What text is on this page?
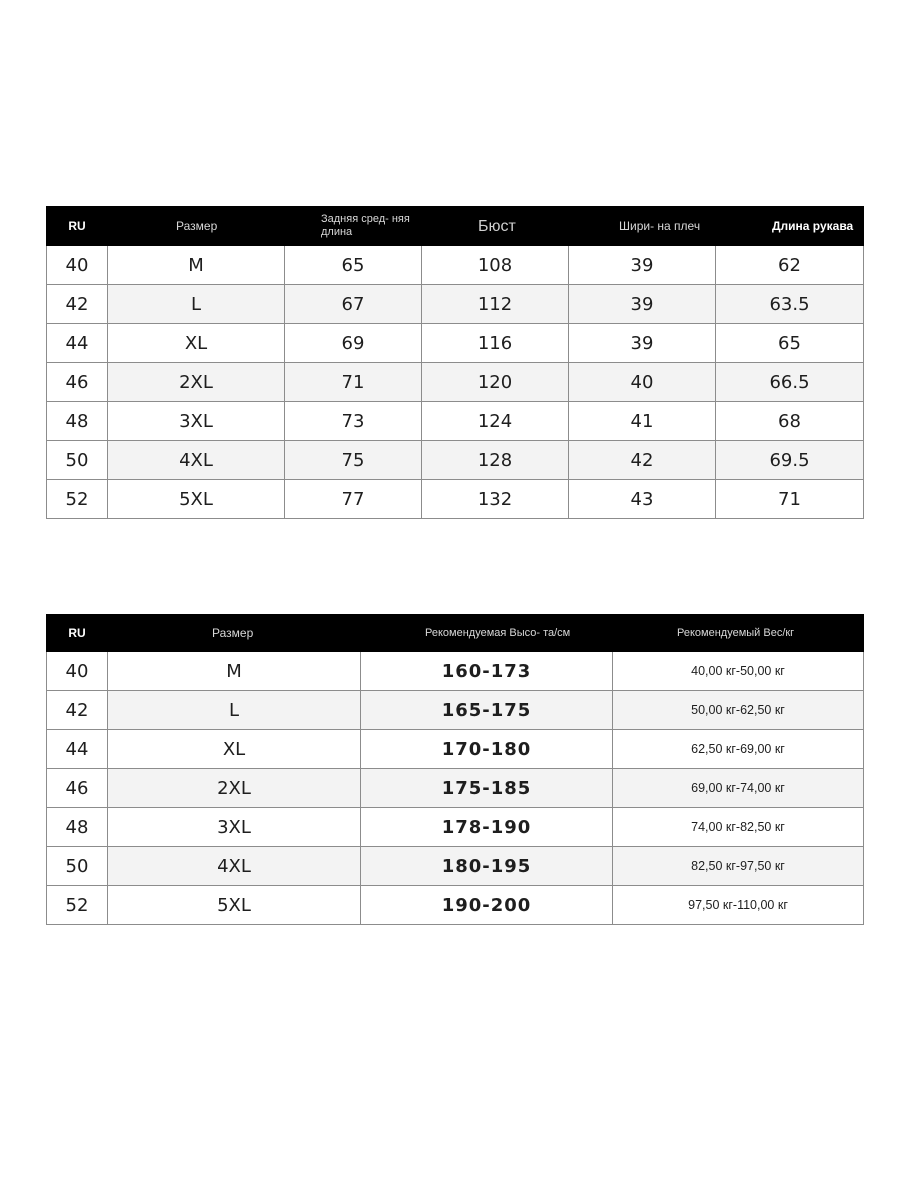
RU	Размер	Задняя сред- няя длина	Бюст	Шири- на плеч	Длина рукава
40	M	65	108	39	62
42	L	67	112	39	63.5
44	XL	69	116	39	65
46	2XL	71	120	40	66.5
48	3XL	73	124	41	68
50	4XL	75	128	42	69.5
52	5XL	77	132	43	71
RU	Размер	Рекомендуемая Высо- та/см	Рекомендуемый Вес/кг
40	M	160-173	40,00 кг-50,00 кг
42	L	165-175	50,00 кг-62,50 кг
44	XL	170-180	62,50 кг-69,00 кг
46	2XL	175-185	69,00 кг-74,00 кг
48	3XL	178-190	74,00 кг-82,50 кг
50	4XL	180-195	82,50 кг-97,50 кг
52	5XL	190-200	97,50 кг-110,00 кг
